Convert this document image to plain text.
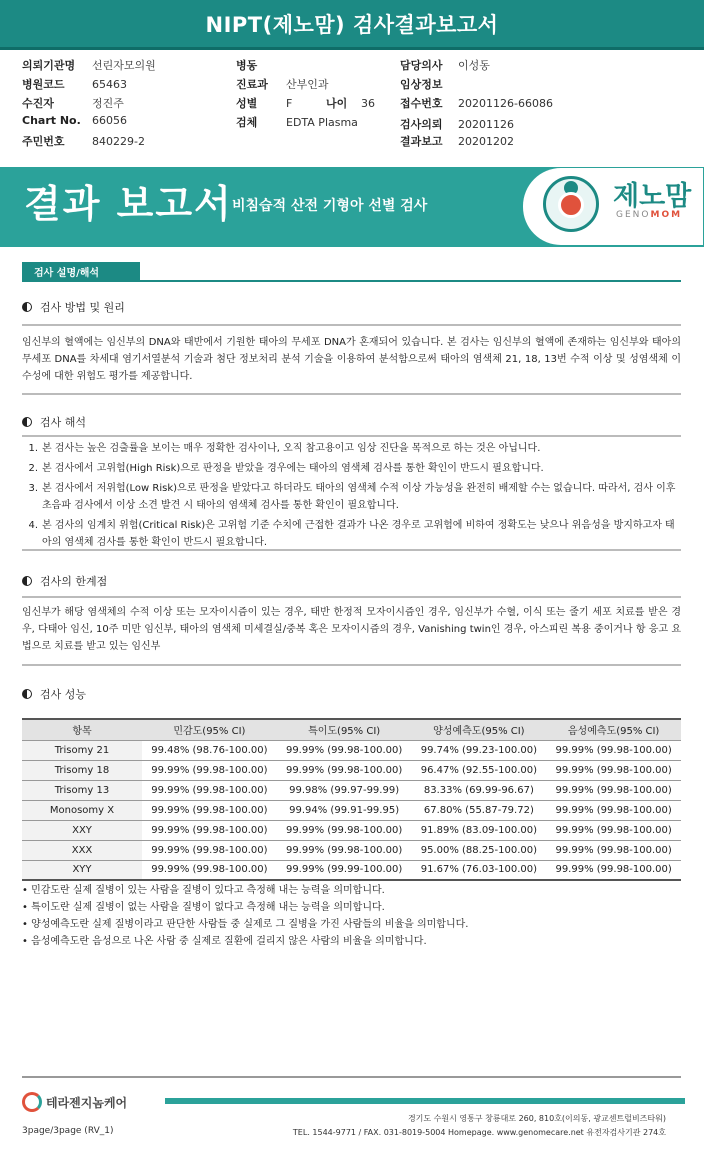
NIPT(제노맘) 검사결과보고서
의뢰기관명 선린자모의원
병원코드 65463
수진자	정진주
Chart No. 66056
주민번호 840229-2
병동
진료과 산부인과
성별	F	나이 36
검체	EDTA Plasma
담당의사 이성동
임상정보
접수번호 20201126-66086
검사의뢰 20201126
결과보고 20201202
결과 보고서 비침습적 산전 기형아 선별 검사	제노맘
GENOMOM
검사 설명/해석
검사 방법 및 원리
임신부의 혈액에는 임신부의 DNA와 태반에서 기원한 태아의 무세포 DNA가 혼재되어 있습니다. 본 검사는 임신부의 혈액에 존재하는 임신부와 태아의 무세포 DNA를 차세대 염기서열분석 기술과 첨단 정보처리 분석 기술을 이용하여 분석함으로써 태아의 염색체 21, 18, 13번 수적 이상 및 성염색체 이수성에 대한 위험도 평가를 제공합니다.
검사 해석
1. 본 검사는 높은 검출률을 보이는 매우 정확한 검사이나, 오직 참고용이고 임상 진단을 목적으로 하는 것은 아닙니다.
2. 본 검사에서 고위험(High Risk)으로 판정을 받았을 경우에는 태아의 염색체 검사를 통한 확인이 반드시 필요합니다.
3. 본 검사에서 저위험(Low Risk)으로 판정을 받았다고 하더라도 태아의 염색체 수적 이상 가능성을 완전히 배제할 수는 없습니다. 따라서, 검사 이후 초음파 검사에서 이상 소견 발견 시 태아의 염색체 검사를 통한 확인이 필요합니다.
4. 본 검사의 임계치 위험(Critical Risk)은 고위험 기준 수치에 근접한 결과가 나온 경우로 고위험에 비하여 정확도는 낮으나 위음성을 방지하고자 태아의 염색체 검사를 통한 확인이 반드시 필요합니다.
검사의 한계점
임신부가 해당 염색체의 수적 이상 또는 모자이시즘이 있는 경우, 태반 한정적 모자이시즘인 경우, 임신부가 수혈, 이식 또는 줄기 세포 치료를 받은 경우, 다태아 임신, 10주 미만 임신부, 태아의 염색체 미세결실/중복 혹은 모자이시즘의 경우, Vanishing twin인 경우, 아스피린 복용 중이거나 항 응고 요법으로 치료를 받고 있는 임신부
검사 성능
항목	민감도(95% CI)	특이도(95% CI)	양성예측도(95% CI)	음성예측도(95% CI)
Trisomy 21	99.48% (98.76-100.00)	99.99% (99.98-100.00)	99.74% (99.23-100.00)	99.99% (99.98-100.00)
Trisomy 18	99.99% (99.98-100.00)	99.99% (99.98-100.00)	96.47% (92.55-100.00)	99.99% (99.98-100.00)
Trisomy 13	99.99% (99.98-100.00)	99.98% (99.97-99.99)	83.33% (69.99-96.67)	99.99% (99.98-100.00)
Monosomy X	99.99% (99.98-100.00)	99.94% (99.91-99.95)	67.80% (55.87-79.72)	99.99% (99.98-100.00)
XXY	99.99% (99.98-100.00)	99.99% (99.98-100.00)	91.89% (83.09-100.00)	99.99% (99.98-100.00)
XXX	99.99% (99.98-100.00)	99.99% (99.98-100.00)	95.00% (88.25-100.00)	99.99% (99.98-100.00)
XYY	99.99% (99.98-100.00)	99.99% (99.99-100.00)	91.67% (76.03-100.00)	99.99% (99.98-100.00)
• 민감도란 실제 질병이 있는 사람을 질병이 있다고 측정해 내는 능력을 의미합니다.
• 특이도란 실제 질병이 없는 사람을 질병이 없다고 측정해 내는 능력을 의미합니다.
• 양성예측도란 실제 질병이라고 판단한 사람들 중 실제로 그 질병을 가진 사람들의 비율을 의미합니다.
• 음성예측도란 음성으로 나온 사람 중 실제로 질환에 걸리지 않은 사람의 비율을 의미합니다.
테라젠지놈케어
경기도 수원시 영통구 창룡대로 260, 810호(이의동, 광교센트럴비즈타워)
TEL. 1544-9771 / FAX. 031-8019-5004 Homepage. www.genomecare.net 유전자검사기관 274호
3page/3page (RV_1)
